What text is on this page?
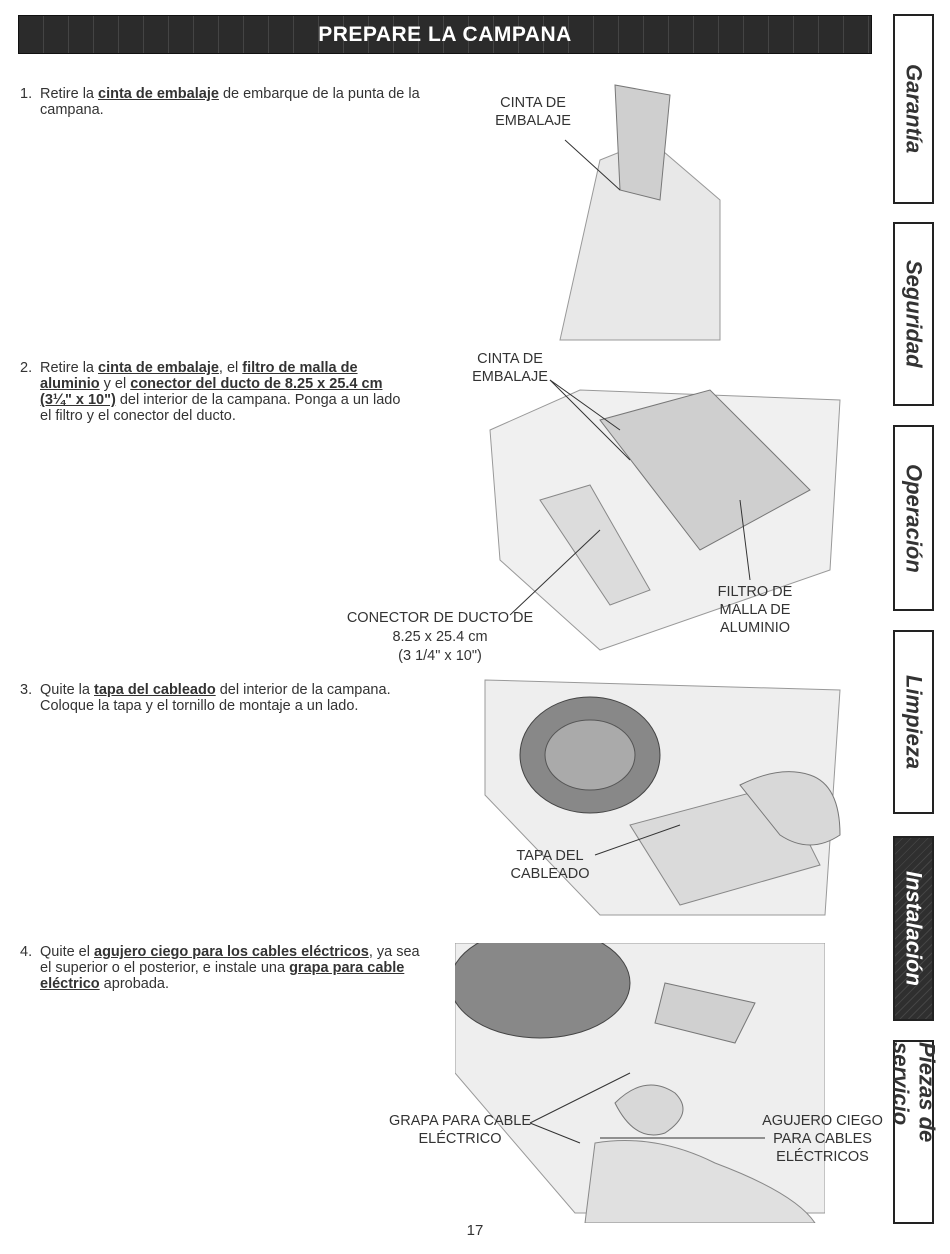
PREPARE LA CAMPANA
1. Retire la cinta de embalaje de embarque de la punta de la campana.
2. Retire la cinta de embalaje, el filtro de malla de aluminio y el conector del ducto de 8.25 x 25.4 cm (3¼" x 10") del interior de la campana. Ponga a un lado el filtro y el conector del ducto.
3. Quite la tapa del cableado del interior de la campana. Coloque la tapa y el tornillo de montaje a un lado.
4. Quite el agujero ciego para los cables eléctricos, ya sea el superior o el posterior, e instale una grapa para cable eléctrico aprobada.
CINTA DE EMBALAJE
CINTA DE EMBALAJE
FILTRO DE MALLA DE ALUMINIO
CONECTOR DE DUCTO DE
8.25 x 25.4 cm
(3 1/4" x 10")
TAPA DEL CABLEADO
GRAPA PARA CABLE ELÉCTRICO
AGUJERO CIEGO PARA CABLES ELÉCTRICOS
Garantía
Seguridad
Operación
Limpieza
Instalación
Piezas de servicio
17
